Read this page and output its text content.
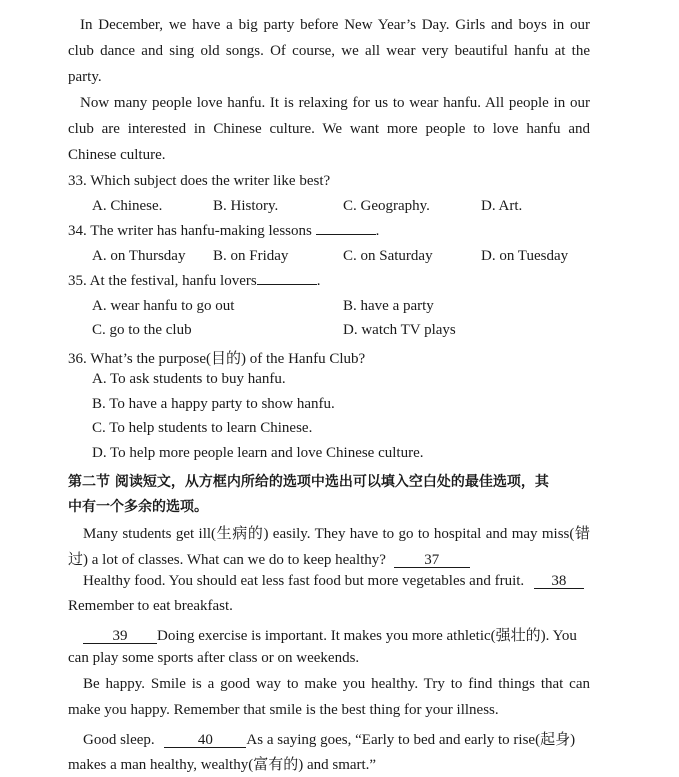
In December, we have a big party before New Year’s Day. Girls and boys in our
club dance and sing old songs. Of course, we all wear very beautiful hanfu at the
party.
Now many people love hanfu. It is relaxing for us to wear hanfu. All people in our
club are interested in Chinese culture. We want more people to love hanfu and
Chinese culture.
33. Which subject does the writer like best?
A. Chinese.	B. History.	C. Geography.	D. Art.
34. The writer has hanfu-making lessons	.
A. on Thursday B. on Friday	C. on Saturday	D. on Tuesday
35. At the festival, hanfu lovers	.
A. wear hanfu to go out	B. have a party
C. go to the club	D. watch TV plays
36. What’s the purpose(目的) of the Hanfu Club?
A. To ask students to buy hanfu.
B. To have a happy party to show hanfu.
C. To help students to learn Chinese.
D. To help more people learn and love Chinese culture.
第二节 阅读短文，从方框内所给的选项中选出可以填入空白处的最佳选项，其
中有一个多余的选项。
Many students get ill(生病的) easily. They have to go to hospital and may miss(错
过) a lot of classes. What can we do to keep healthy?	37
Healthy food. You should eat less fast food but more vegetables and fruit. 38
Remember to eat breakfast.
39 Doing exercise is important. It makes you more athletic(强壮的). You
can play some sports after class or on weekends.
Be happy. Smile is a good way to make you healthy. Try to find things that can
make you happy. Remember that smile is the best thing for your illness.
Good sleep.	40 As a saying goes, “Early to bed and early to rise(起身)
makes a man healthy, wealthy(富有的) and smart.”
